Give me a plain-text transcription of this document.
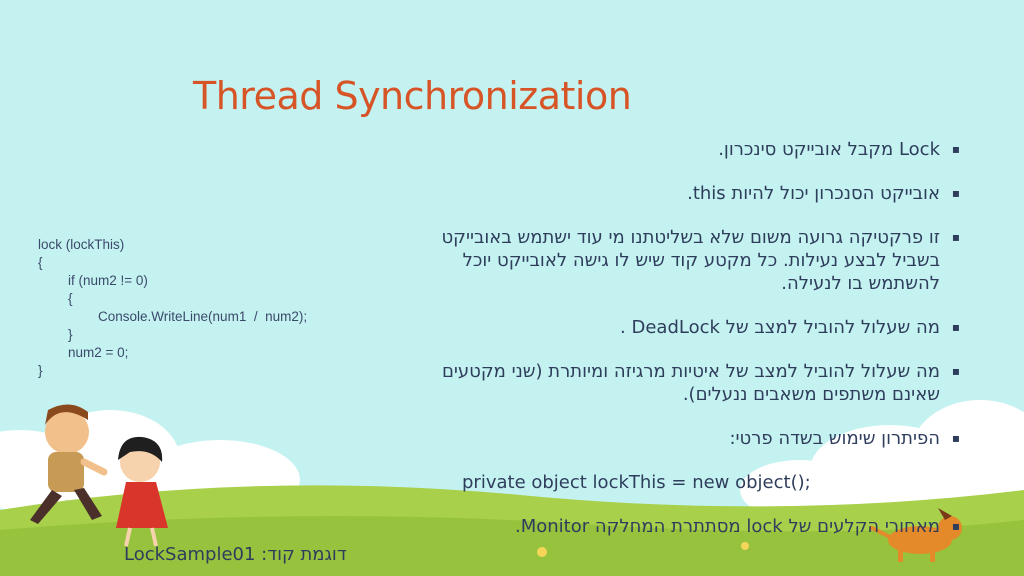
Thread Synchronization
lock (lockThis)
{
if (num2 != 0)
{
Console.WriteLine(num1  /  num2);
}
num2 = 0;
}
▪ Lock מקבל אובייקט סינכרון.
▪ אובייקט הסנכרון יכול להיות this.
▪ זו פרקטיקה גרועה משום שלא בשליטתנו מי עוד ישתמש באובייקט בשביל לבצע נעילות. כל מקטע קוד שיש לו גישה לאובייקט יוכל להשתמש בו לנעילה.
▪ מה שעלול להוביל למצב של DeadLock .
▪ מה שעלול להוביל למצב של איטיות מרגיזה ומיותרת (שני מקטעים שאינם משתפים משאבים ננעלים).
▪ הפיתרון שימוש בשדה פרטי:
private object lockThis = new object();
▪ מאחורי הקלעים של lock מסתתרת המחלקה Monitor.
דוגמת קוד: LockSample01
